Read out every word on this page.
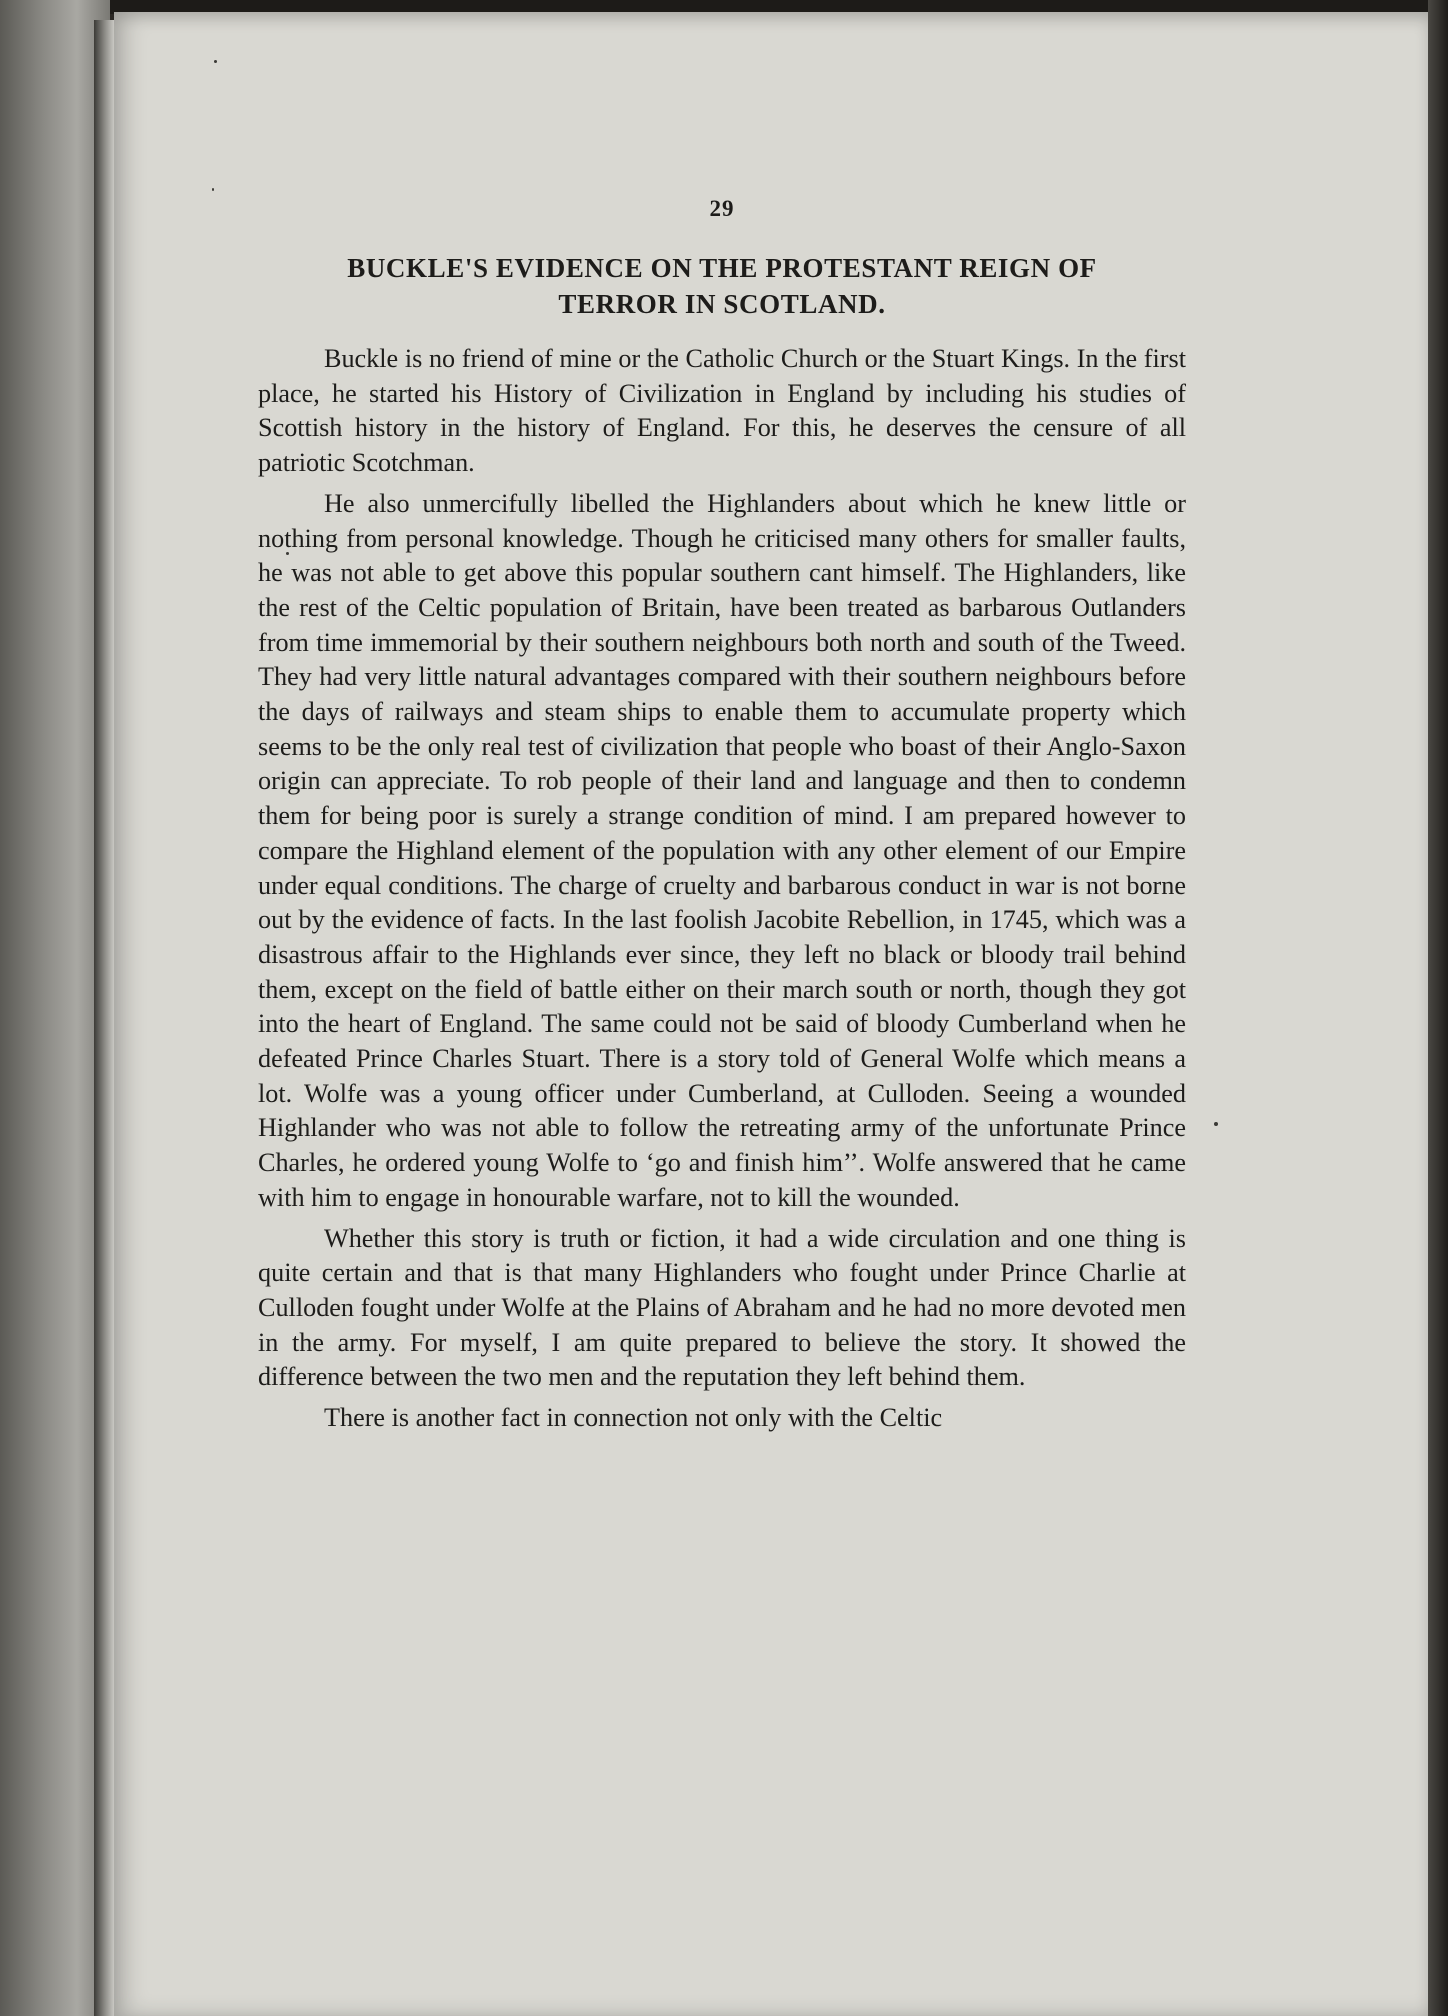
29
BUCKLE'S EVIDENCE ON THE PROTESTANT REIGN OF
TERROR IN SCOTLAND.

Buckle is no friend of mine or the Catholic Church or the Stuart Kings. In the first place, he started his History of Civilization in England by including his studies of Scottish history in the history of England. For this, he deserves the censure of all patriotic Scotchman.

He also unmercifully libelled the Highlanders about which he knew little or nothing from personal knowledge. Though he criticised many others for smaller faults, he was not able to get above this popular southern cant himself. The Highlanders, like the rest of the Celtic population of Britain, have been treated as barbarous Outlanders from time immemorial by their southern neighbours both north and south of the Tweed. They had very little natural advantages compared with their southern neighbours before the days of railways and steam ships to enable them to accumulate property which seems to be the only real test of civilization that people who boast of their Anglo-Saxon origin can appreciate. To rob people of their land and language and then to condemn them for being poor is surely a strange condition of mind. I am prepared however to compare the Highland element of the population with any other element of our Empire under equal conditions. The charge of cruelty and barbarous conduct in war is not borne out by the evidence of facts. In the last foolish Jacobite Rebellion, in 1745, which was a disastrous affair to the Highlands ever since, they left no black or bloody trail behind them, except on the field of battle either on their march south or north, though they got into the heart of England. The same could not be said of bloody Cumberland when he defeated Prince Charles Stuart. There is a story told of General Wolfe which means a lot. Wolfe was a young officer under Cumberland, at Culloden. Seeing a wounded Highlander who was not able to follow the retreating army of the unfortunate Prince Charles, he ordered young Wolfe to ‘go and finish him’’. Wolfe answered that he came with him to engage in honourable warfare, not to kill the wounded.

Whether this story is truth or fiction, it had a wide circulation and one thing is quite certain and that is that many Highlanders who fought under Prince Charlie at Culloden fought under Wolfe at the Plains of Abraham and he had no more devoted men in the army. For myself, I am quite prepared to believe the story. It showed the difference between the two men and the reputation they left behind them.

There is another fact in connection not only with the Celtic
